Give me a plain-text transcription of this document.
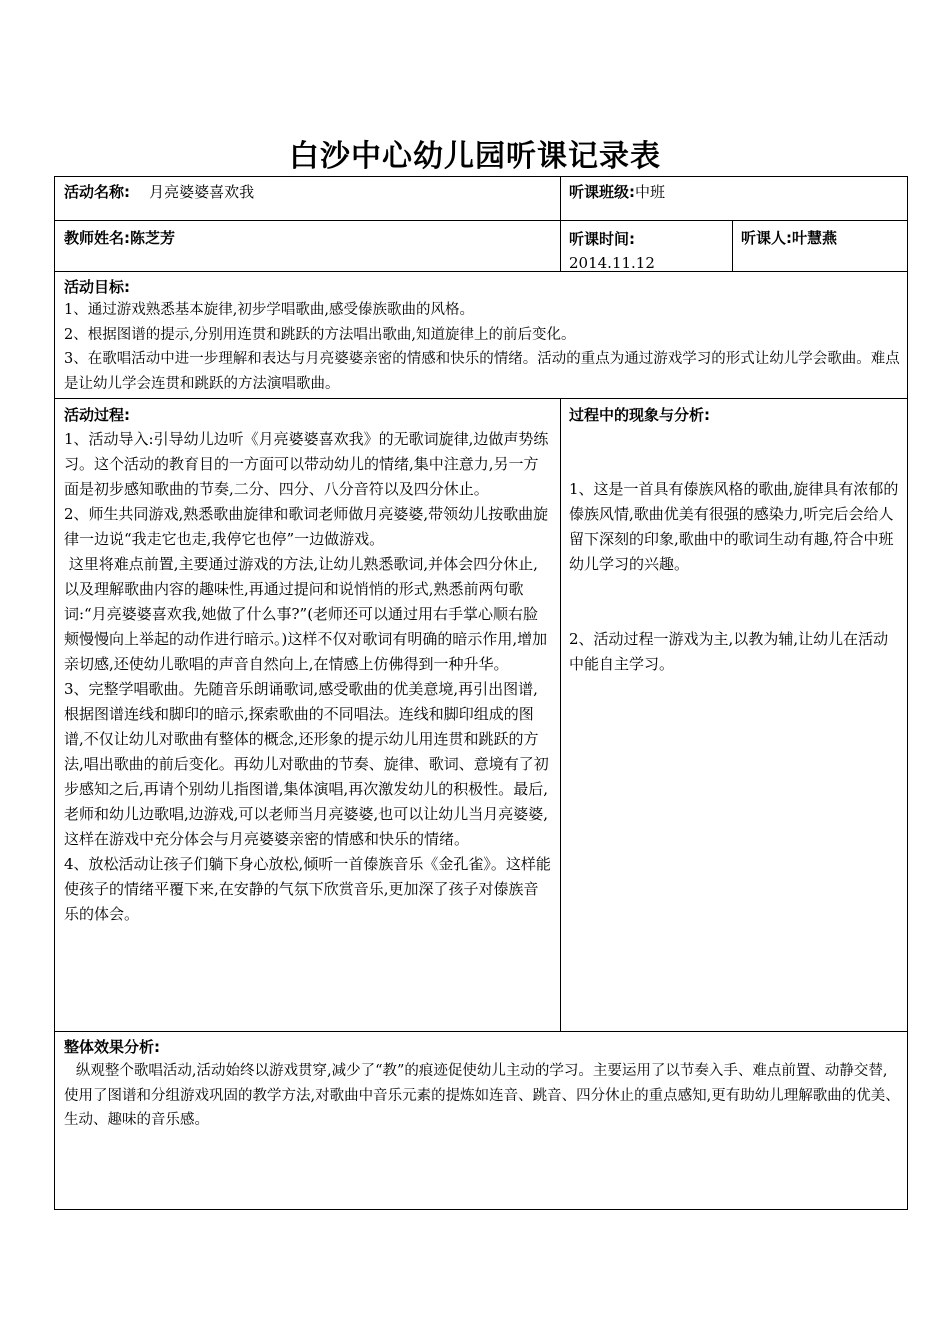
白沙中心幼儿园听课记录表
活动名称: 月亮婆婆喜欢我	听课班级:中班
教师姓名:陈芝芳	听课时间:
2014.11.12
听课人:叶慧燕
活动目标:

1、通过游戏熟悉基本旋律,初步学唱歌曲,感受傣族歌曲的风格。

2、根据图谱的提示,分别用连贯和跳跃的方法唱出歌曲,知道旋律上的前后变化。

3、在歌唱活动中进一步理解和表达与月亮婆婆亲密的情感和快乐的情绪。活动的重点为通过游戏学习的形式让幼儿学会歌曲。难点是让幼儿学会连贯和跳跃的方法演唱歌曲。

活动过程:

1、活动导入:引导幼儿边听《月亮婆婆喜欢我》的无歌词旋律,边做声势练习。这个活动的教育目的一方面可以带动幼儿的情绪,集中注意力,另一方面是初步感知歌曲的节奏,二分、四分、八分音符以及四分休止。

2、师生共同游戏,熟悉歌曲旋律和歌词老师做月亮婆婆,带领幼儿按歌曲旋律一边说“我走它也走,我停它也停”一边做游戏。

这里将难点前置,主要通过游戏的方法,让幼儿熟悉歌词,并体会四分休止,以及理解歌曲内容的趣味性,再通过提问和说悄悄的形式,熟悉前两句歌词:“月亮婆婆喜欢我,她做了什么事?”(老师还可以通过用右手掌心顺右脸颊慢慢向上举起的动作进行暗示。)这样不仅对歌词有明确的暗示作用,增加亲切感,还使幼儿歌唱的声音自然向上,在情感上仿佛得到一种升华。

3、完整学唱歌曲。先随音乐朗诵歌词,感受歌曲的优美意境,再引出图谱,根据图谱连线和脚印的暗示,探索歌曲的不同唱法。连线和脚印组成的图谱,不仅让幼儿对歌曲有整体的概念,还形象的提示幼儿用连贯和跳跃的方法,唱出歌曲的前后变化。再幼儿对歌曲的节奏、旋律、歌词、意境有了初步感知之后,再请个别幼儿指图谱,集体演唱,再次激发幼儿的积极性。最后,老师和幼儿边歌唱,边游戏,可以老师当月亮婆婆,也可以让幼儿当月亮婆婆,这样在游戏中充分体会与月亮婆婆亲密的情感和快乐的情绪。

4、放松活动让孩子们躺下身心放松,倾听一首傣族音乐《金孔雀》。这样能使孩子的情绪平覆下来,在安静的气氛下欣赏音乐,更加深了孩子对傣族音乐的体会。

过程中的现象与分析:

1、这是一首具有傣族风格的歌曲,旋律具有浓郁的傣族风情,歌曲优美有很强的感染力,听完后会给人留下深刻的印象,歌曲中的歌词生动有趣,符合中班幼儿学习的兴趣。

2、活动过程一游戏为主,以教为辅,让幼儿在活动中能自主学习。

整体效果分析:

纵观整个歌唱活动,活动始终以游戏贯穿,减少了“教”的痕迹促使幼儿主动的学习。主要运用了以节奏入手、难点前置、动静交替,使用了图谱和分组游戏巩固的教学方法,对歌曲中音乐元素的提炼如连音、跳音、四分休止的重点感知,更有助幼儿理解歌曲的优美、生动、趣味的音乐感。
